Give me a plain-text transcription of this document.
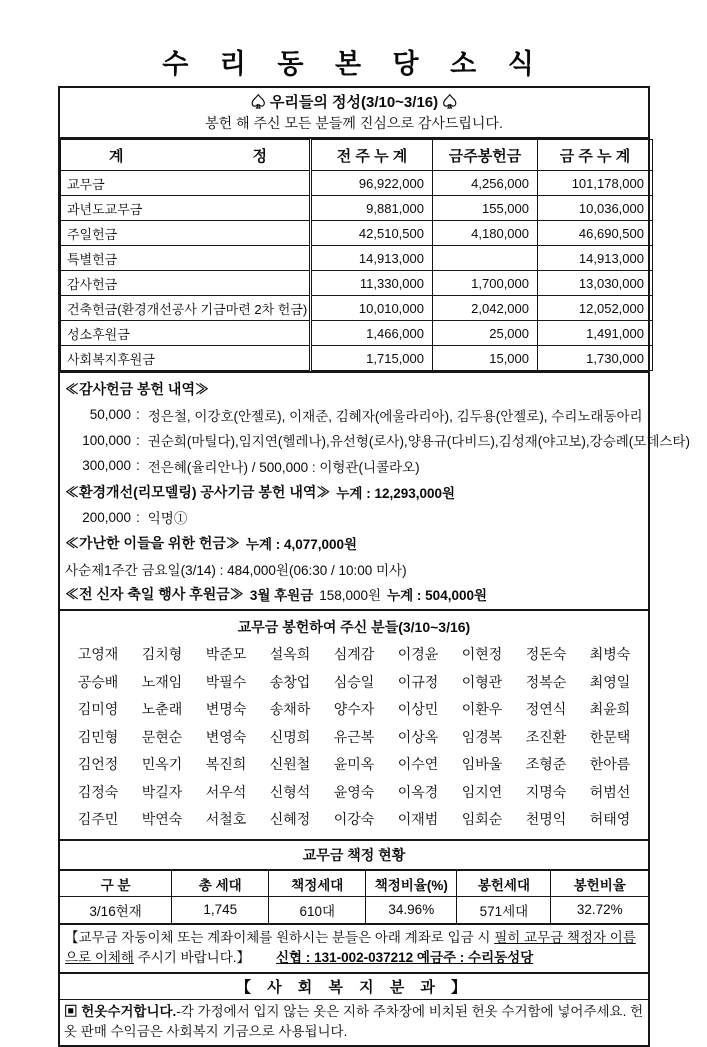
수 리 동 본 당 소 식
♤ 우리들의 정성(3/10~3/16) ♤
봉헌 해 주신 모든 분들께 진심으로 감사드립니다.
계 정	전 주 누 계	금주봉헌금	금 주 누 계
교무금	96,922,000	4,256,000	101,178,000
과년도교무금	9,881,000	155,000	10,036,000
주일헌금	42,510,500	4,180,000	46,690,500
특별헌금	14,913,000		14,913,000
감사헌금	11,330,000	1,700,000	13,030,000
건축헌금(환경개선공사 기금마련 2차 헌금)	10,010,000	2,042,000	12,052,000
성소후원금	1,466,000	25,000	1,491,000
사회복지후원금	1,715,000	15,000	1,730,000
≪감사헌금 봉헌 내역≫
50,000 : 정은철, 이강호(안젤로), 이재준, 김혜자(에울라리아), 김두용(안젤로), 수리노래동아리
100,000 : 권순희(마틸다),임지연(헬레나),유선형(로사),양용규(다비드),김성재(야고보),강승례(모데스타)
300,000 : 전은혜(율리안나) / 500,000 : 이형관(니콜라오)
≪환경개선(리모델링) 공사기금 봉헌 내역≫ 누계 : 12,293,000원
200,000 : 익명①
≪가난한 이들을 위한 헌금≫ 누계 : 4,077,000원
사순제1주간 금요일(3/14) : 484,000원(06:30 / 10:00 미사)
≪전 신자 축일 행사 후원금≫ 3월 후원금 158,000원 누계 : 504,000원
교무금 봉헌하여 주신 분들(3/10~3/16)
고영재	김치형	박준모	설옥희	심계감	이경윤	이현정	정돈숙	최병숙
공승배	노재임	박필수	송창업	심승일	이규정	이형관	정복순	최영일
김미영	노춘래	변명숙	송채하	양수자	이상민	이환우	정연식	최윤희
김민형	문현순	변영숙	신명희	유근복	이상옥	임경복	조진환	한문택
김언정	민옥기	복진희	신원철	윤미옥	이수연	임바울	조형준	한아름
김정숙	박길자	서우석	신형석	윤영숙	이옥경	임지연	지명숙	허범선
김주민	박연숙	서철호	신혜정	이강숙	이재범	임회순	천명익	허태영
교무금 책정 현황
구 분	총 세대	책정세대	책정비율(%)	봉헌세대	봉헌비율
3/16현재	1,745	610대	34.96%	571세대	32.72%
【교무금 자동이체 또는 계좌이체를 원하시는 분들은 아래 계좌로 입금 시 필히 교무금 책정자 이름으로 이체해 주시기 바랍니다.】 신협 : 131-002-037212 예금주 : 수리동성당
【 사 회 복 지 분 과 】
▣ 헌옷수거합니다.-각 가정에서 입지 않는 옷은 지하 주차장에 비치된 헌옷 수거함에 넣어주세요. 헌옷 판매 수익금은 사회복지 기금으로 사용됩니다.
